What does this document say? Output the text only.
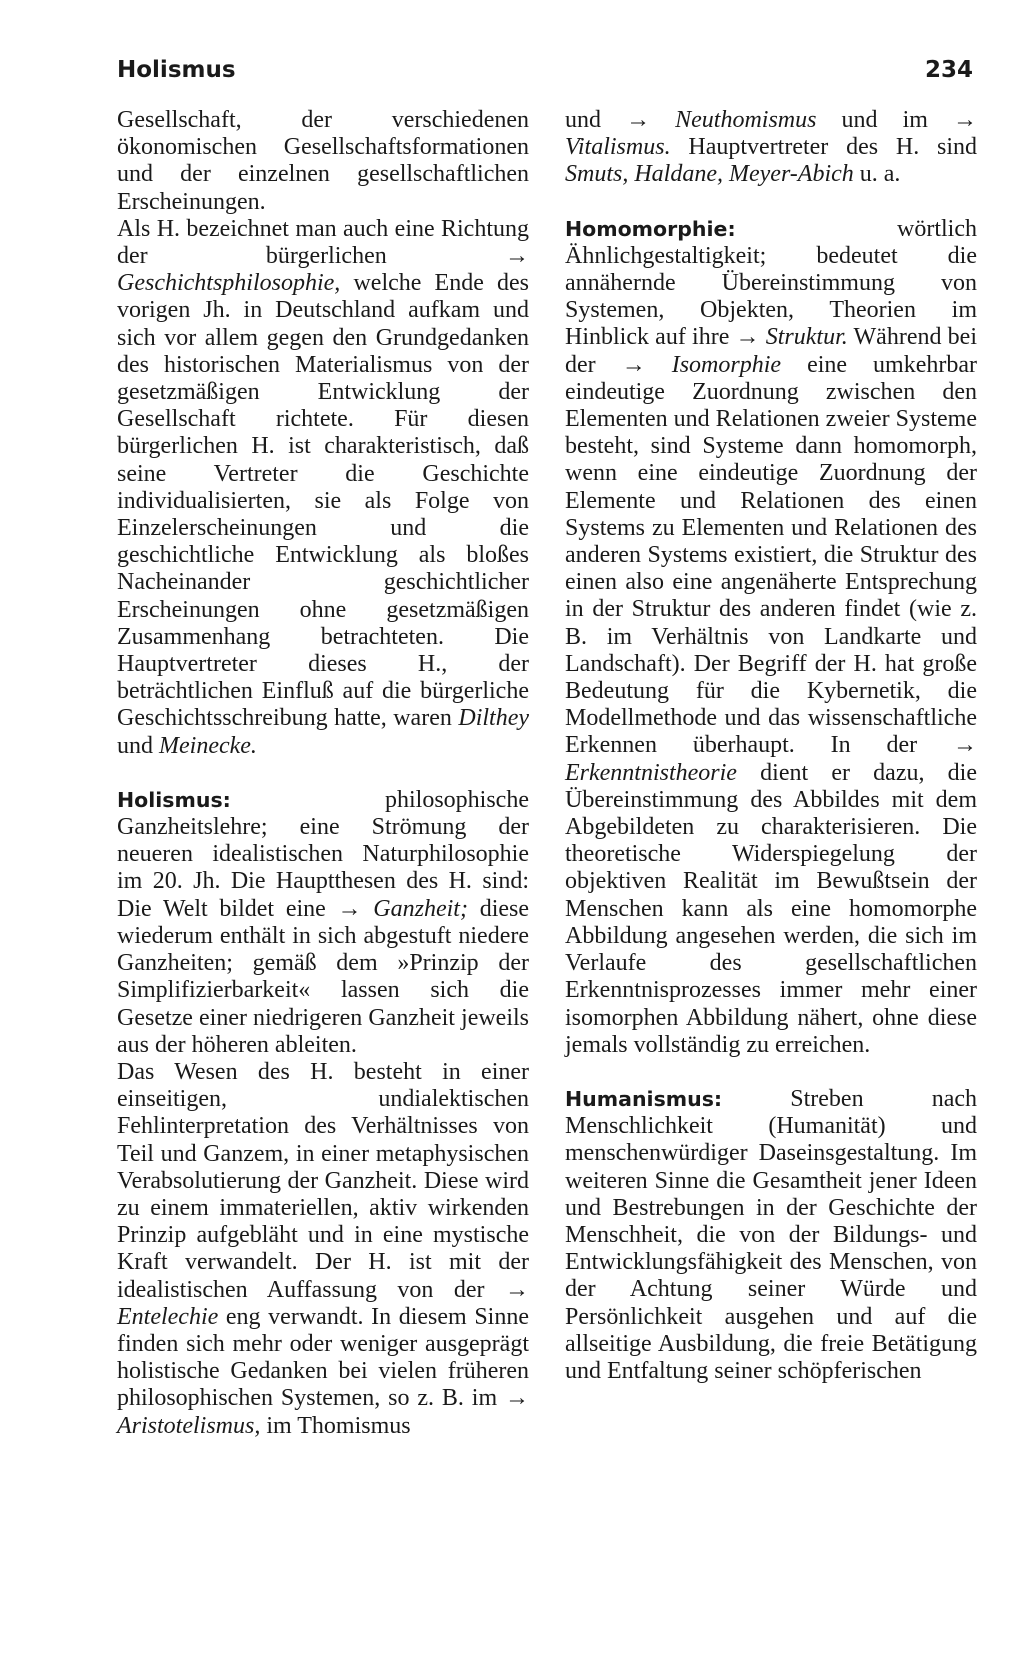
Holismus	234

Gesellschaft, der verschiedenen ökonomischen Gesellschaftsformationen und der einzelnen gesellschaftlichen Erscheinungen.

Als H. bezeichnet man auch eine Richtung der bürgerlichen	→ Geschichtsphilosophie, welche Ende des vorigen Jh. in Deutschland aufkam und sich vor allem gegen den Grundgedanken des historischen Materialismus von der gesetzmäßigen Entwicklung der Gesellschaft richtete. Für diesen bürgerlichen H. ist charakteristisch, daß seine Vertreter die Geschichte individualisierten, sie als Folge von Einzelerscheinungen und die geschichtliche Entwicklung als bloßes Nacheinander geschichtlicher Erscheinungen ohne gesetzmäßigen Zusammenhang betrachteten. Die Hauptvertreter dieses H., der beträchtlichen Einfluß auf die bürgerliche Geschichtsschreibung hatte, waren Dilthey und Meinecke.

Holismus: philosophische Ganzheitslehre; eine Strömung der neueren idealistischen Naturphilosophie im 20. Jh. Die Hauptthesen des H. sind: Die Welt bildet eine → Ganzheit; diese wiederum enthält in sich abgestuft niedere Ganzheiten; gemäß dem »Prinzip der Simplifizierbarkeit« lassen sich die Gesetze einer niedrigeren Ganzheit jeweils aus der höheren ableiten.

Das Wesen des H. besteht in einer einseitigen, undialektischen Fehlinterpretation des Verhältnisses von Teil und Ganzem, in einer metaphysischen Verabsolutierung der Ganzheit. Diese wird zu einem immateriellen, aktiv wirkenden Prinzip aufgebläht und in eine mystische Kraft verwandelt. Der H. ist mit der idealistischen Auffassung von der → Entelechie eng verwandt. In diesem Sinne finden sich mehr oder weniger ausgeprägt holistische Gedanken bei vielen früheren philosophischen Systemen, so z. B. im → Aristotelismus, im Thomismus

und → Neuthomismus und im → Vitalismus. Hauptvertreter des H. sind Smuts, Haldane, Meyer-Abich u. a.

Homomorphie: wörtlich Ähnlichgestaltigkeit; bedeutet die annähernde Übereinstimmung von Systemen, Objekten, Theorien im Hinblick auf ihre → Struktur. Während bei der → Isomorphie eine umkehrbar eindeutige Zuordnung zwischen den Elementen und Relationen zweier Systeme besteht, sind Systeme dann homomorph, wenn eine eindeutige Zuordnung der Elemente und Relationen des einen Systems zu Elementen und Relationen des anderen Systems existiert, die Struktur des einen also eine angenäherte Entsprechung in der Struktur des anderen findet (wie z. B. im Verhältnis von Landkarte und Landschaft). Der Begriff der H. hat große Bedeutung für die Kybernetik, die Modellmethode und das wissenschaftliche Erkennen überhaupt. In der → Erkenntnistheorie dient er dazu, die Übereinstimmung des Abbildes mit dem Abgebildeten zu charakterisieren. Die theoretische Widerspiegelung der objektiven Realität im Bewußtsein der Menschen kann als eine homomorphe Abbildung angesehen werden, die sich im Verlaufe des gesellschaftlichen Erkenntnisprozesses immer mehr einer isomorphen Abbildung nähert, ohne diese jemals vollständig zu erreichen.

Humanismus: Streben nach Menschlichkeit (Humanität) und menschenwürdiger Daseinsgestaltung. Im weiteren Sinne die Gesamtheit jener Ideen und Bestrebungen in der Geschichte der Menschheit, die von der Bildungs- und Entwicklungsfähigkeit des Menschen, von der Achtung seiner Würde und Persönlichkeit ausgehen und auf die allseitige Ausbildung, die freie Betätigung und Entfaltung seiner schöpferischen
